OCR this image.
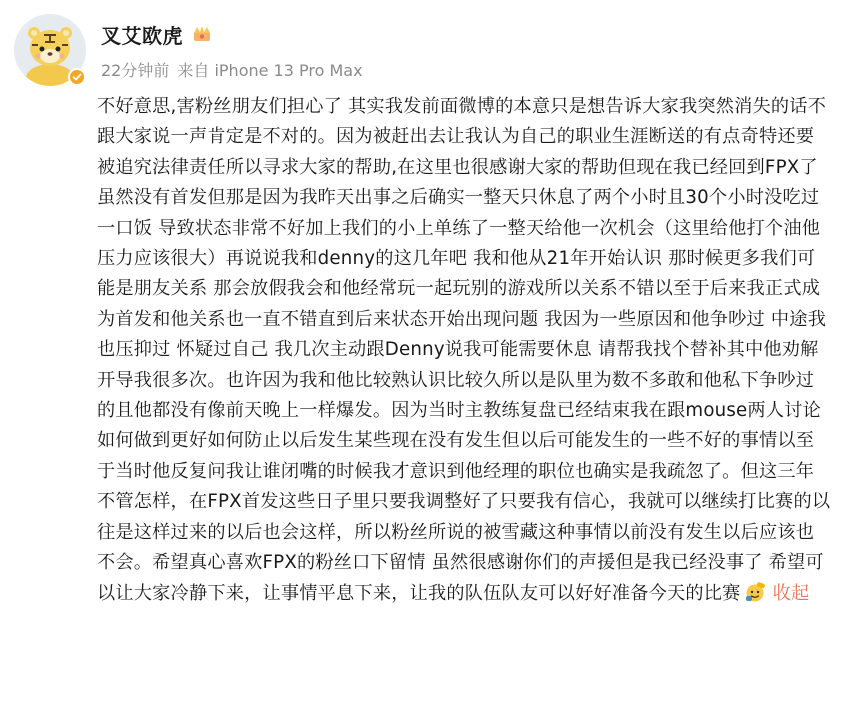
叉艾欧虎
22分钟前 来自 iPhone 13 Pro Max
不好意思,害粉丝朋友们担心了 其实我发前面微博的本意只是想告诉大家我突然消失的话不跟大家说一声肯定是不对的。因为被赶出去让我认为自己的职业生涯断送的有点奇特还要被追究法律责任所以寻求大家的帮助,在这里也很感谢大家的帮助但现在我已经回到FPX了虽然没有首发但那是因为我昨天出事之后确实一整天只休息了两个小时且30个小时没吃过一口饭 导致状态非常不好加上我们的小上单练了一整天给他一次机会（这里给他打个油他压力应该很大）再说说我和denny的这几年吧 我和他从21年开始认识 那时候更多我们可能是朋友关系 那会放假我会和他经常玩一起玩别的游戏所以关系不错以至于后来我正式成为首发和他关系也一直不错直到后来状态开始出现问题 我因为一些原因和他争吵过 中途我也压抑过 怀疑过自己 我几次主动跟Denny说我可能需要休息 请帮我找个替补其中他劝解开导我很多次。也许因为我和他比较熟认识比较久所以是队里为数不多敢和他私下争吵过的且他都没有像前天晚上一样爆发。因为当时主教练复盘已经结束我在跟mouse两人讨论如何做到更好如何防止以后发生某些现在没有发生但以后可能发生的一些不好的事情以至于当时他反复问我让谁闭嘴的时候我才意识到他经理的职位也确实是我疏忽了。但这三年不管怎样，在FPX首发这些日子里只要我调整好了只要我有信心，我就可以继续打比赛的以往是这样过来的以后也会这样，所以粉丝所说的被雪藏这种事情以前没有发生以后应该也不会。希望真心喜欢FPX的粉丝口下留情 虽然很感谢你们的声援但是我已经没事了 希望可以让大家冷静下来，让事情平息下来，让我的队伍队友可以好好准备今天的比赛 收起
